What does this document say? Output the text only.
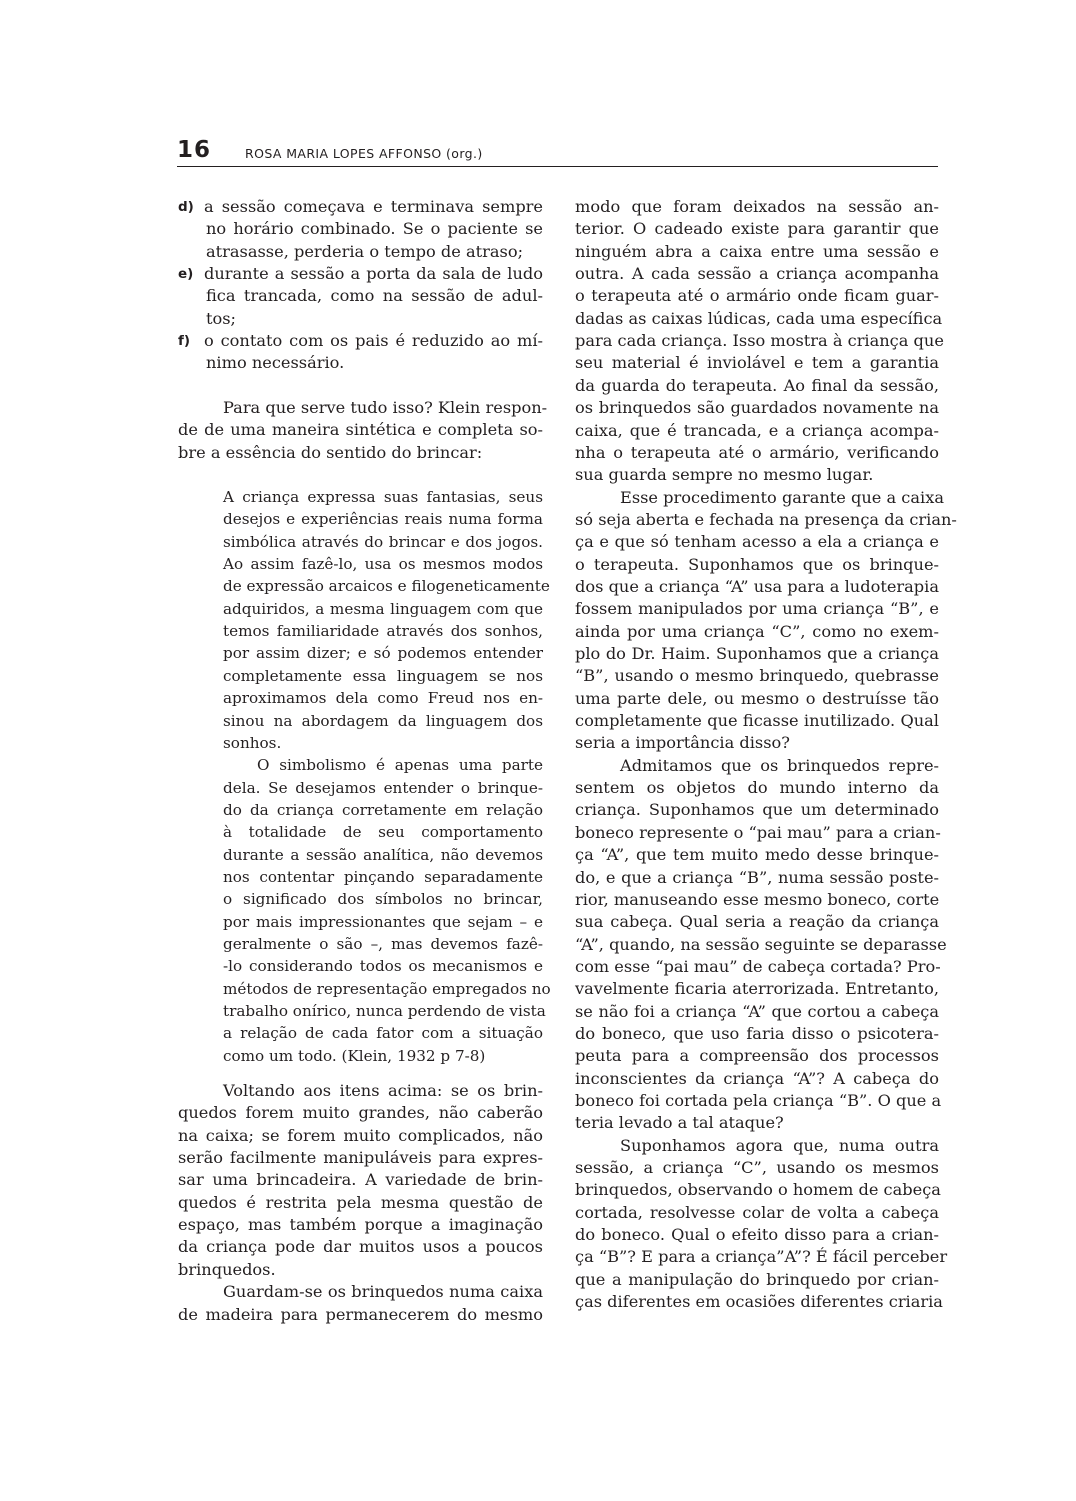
16	ROSA MARIA LOPES AFFONSO (org.)
d) a sessão começava e terminava sempre
no horário combinado. Se o paciente se
atrasasse, perderia o tempo de atraso;
e) durante a sessão a porta da sala de ludo
fica trancada, como na sessão de adul-
tos;
f) o contato com os pais é reduzido ao mí-
nimo necessário.
Para que serve tudo isso? Klein respon-
de de uma maneira sintética e completa so-
bre a essência do sentido do brincar:
A criança expressa suas fantasias, seus
desejos e experiências reais numa forma
simbólica através do brincar e dos jogos.
Ao assim fazê-lo, usa os mesmos modos
de expressão arcaicos e filogeneticamente
adquiridos, a mesma linguagem com que
temos familiaridade através dos sonhos,
por assim dizer; e só podemos entender
completamente essa linguagem se nos
aproximamos dela como Freud nos en-
sinou na abordagem da linguagem dos
sonhos.
O simbolismo é apenas uma parte
dela. Se desejamos entender o brinque-
do da criança corretamente em relação
à totalidade de seu comportamento
durante a sessão analítica, não devemos
nos contentar pinçando separadamente
o significado dos símbolos no brincar,
por mais impressionantes que sejam – e
geralmente o são –, mas devemos fazê-
-lo considerando todos os mecanismos e
métodos de representação empregados no
trabalho onírico, nunca perdendo de vista
a relação de cada fator com a situação
como um todo. (Klein, 1932 p 7-8)
Voltando aos itens acima: se os brin-
quedos forem muito grandes, não caberão
na caixa; se forem muito complicados, não
serão facilmente manipuláveis para expres-
sar uma brincadeira. A variedade de brin-
quedos é restrita pela mesma questão de
espaço, mas também porque a imaginação
da criança pode dar muitos usos a poucos
brinquedos.
Guardam-se os brinquedos numa caixa
de madeira para permanecerem do mesmo
modo que foram deixados na sessão an-
terior. O cadeado existe para garantir que
ninguém abra a caixa entre uma sessão e
outra. A cada sessão a criança acompanha
o terapeuta até o armário onde ficam guar-
dadas as caixas lúdicas, cada uma específica
para cada criança. Isso mostra à criança que
seu material é inviolável e tem a garantia
da guarda do terapeuta. Ao final da sessão,
os brinquedos são guardados novamente na
caixa, que é trancada, e a criança acompa-
nha o terapeuta até o armário, verificando
sua guarda sempre no mesmo lugar.
Esse procedimento garante que a caixa
só seja aberta e fechada na presença da crian-
ça e que só tenham acesso a ela a criança e
o terapeuta. Suponhamos que os brinque-
dos que a criança “A” usa para a ludoterapia
fossem manipulados por uma criança “B”, e
ainda por uma criança “C”, como no exem-
plo do Dr. Haim. Suponhamos que a criança
“B”, usando o mesmo brinquedo, quebrasse
uma parte dele, ou mesmo o destruísse tão
completamente que ficasse inutilizado. Qual
seria a importância disso?
Admitamos que os brinquedos repre-
sentem os objetos do mundo interno da
criança. Suponhamos que um determinado
boneco represente o “pai mau” para a crian-
ça “A”, que tem muito medo desse brinque-
do, e que a criança “B”, numa sessão poste-
rior, manuseando esse mesmo boneco, corte
sua cabeça. Qual seria a reação da criança
“A”, quando, na sessão seguinte se deparasse
com esse “pai mau” de cabeça cortada? Pro-
vavelmente ficaria aterrorizada. Entretanto,
se não foi a criança “A” que cortou a cabeça
do boneco, que uso faria disso o psicotera-
peuta para a compreensão dos processos
inconscientes da criança “A”? A cabeça do
boneco foi cortada pela criança “B”. O que a
teria levado a tal ataque?
Suponhamos agora que, numa outra
sessão, a criança “C”, usando os mesmos
brinquedos, observando o homem de cabeça
cortada, resolvesse colar de volta a cabeça
do boneco. Qual o efeito disso para a crian-
ça “B”? E para a criança”A”? É fácil perceber
que a manipulação do brinquedo por crian-
ças diferentes em ocasiões diferentes criaria
